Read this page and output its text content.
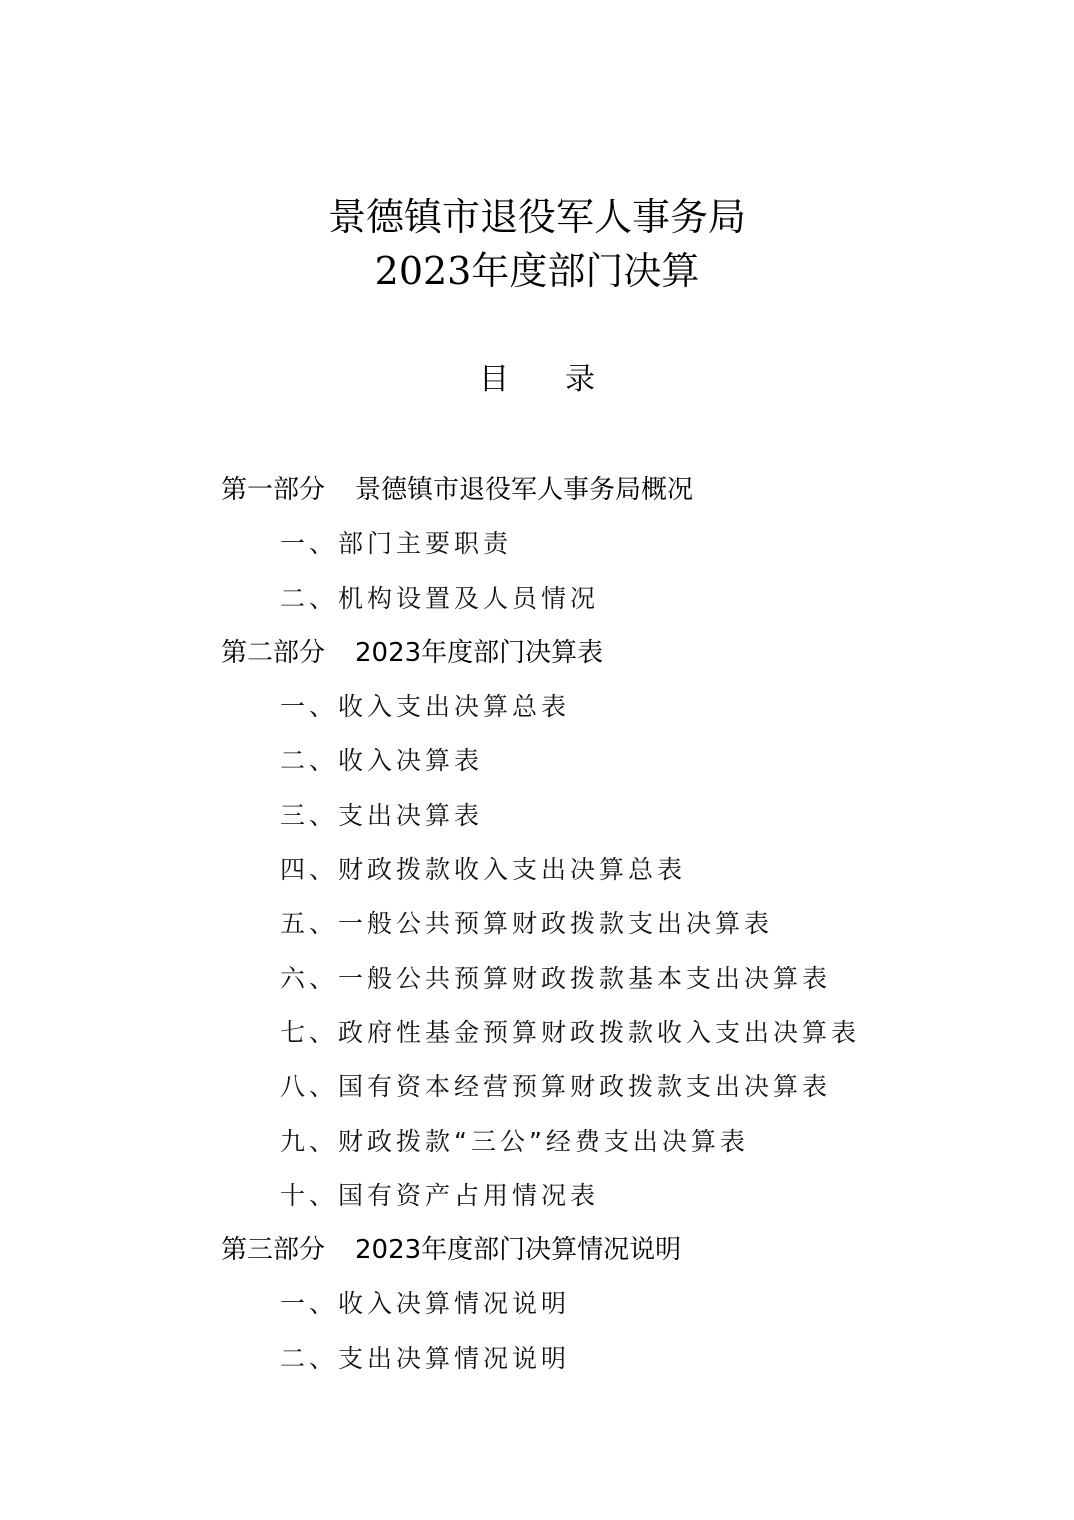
景德镇市退役军人事务局
2023年度部门决算
目 录
第一部分 景德镇市退役军人事务局概况
一、部门主要职责
二、机构设置及人员情况
第二部分 2023年度部门决算表
一、收入支出决算总表
二、收入决算表
三、支出决算表
四、财政拨款收入支出决算总表
五、一般公共预算财政拨款支出决算表
六、一般公共预算财政拨款基本支出决算表
七、政府性基金预算财政拨款收入支出决算表
八、国有资本经营预算财政拨款支出决算表
九、财政拨款“三公”经费支出决算表
十、国有资产占用情况表
第三部分 2023年度部门决算情况说明
一、收入决算情况说明
二、支出决算情况说明
